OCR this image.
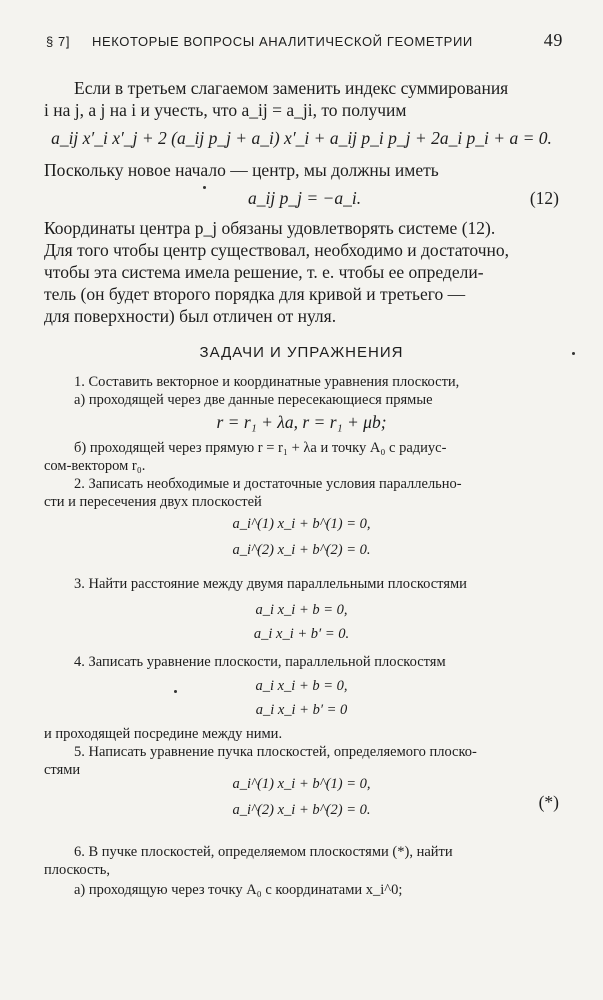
§ 7] НЕКОТОРЫЕ ВОПРОСЫ АНАЛИТИЧЕСКОЙ ГЕОМЕТРИИ	49
Если в третьем слагаемом заменить индекс суммирования
i на j, а j на i и учесть, что a_ij = a_ji, то получим
a_ij x′_i x′_j + 2 (a_ij p_j + a_i) x′_i + a_ij p_i p_j + 2a_i p_i + a = 0.
Поскольку новое начало — центр, мы должны иметь
a_ij p_j = −a_i.	(12)
Координаты центра p_j обязаны удовлетворять системе (12).
Для того чтобы центр существовал, необходимо и достаточно,
чтобы эта система имела решение, т. е. чтобы ее определи-
тель (он будет второго порядка для кривой и третьего —
для поверхности) был отличен от нуля.
ЗАДАЧИ И УПРАЖНЕНИЯ
1. Составить векторное и координатные уравнения плоскости,
а) проходящей через две данные пересекающиеся прямые
r = r₁ + λa, r = r₁ + μb;
б) проходящей через прямую r = r₁ + λa и точку A₀ с радиус-
сом-вектором r₀.
2. Записать необходимые и достаточные условия параллельно-
сти и пересечения двух плоскостей
a_i^(1) x_i + b^(1) = 0,
a_i^(2) x_i + b^(2) = 0.
3. Найти расстояние между двумя параллельными плоскостями
a_i x_i + b = 0,
a_i x_i + b′ = 0.
4. Записать уравнение плоскости, параллельной плоскостям
a_i x_i + b = 0,
a_i x_i + b′ = 0
и проходящей посредине между ними.
5. Написать уравнение пучка плоскостей, определяемого плоско-
стями
a_i^(1) x_i + b^(1) = 0,
a_i^(2) x_i + b^(2) = 0.	(*)
6. В пучке плоскостей, определяемом плоскостями (*), найти
плоскость,
а) проходящую через точку A₀ с координатами x_i^0;
